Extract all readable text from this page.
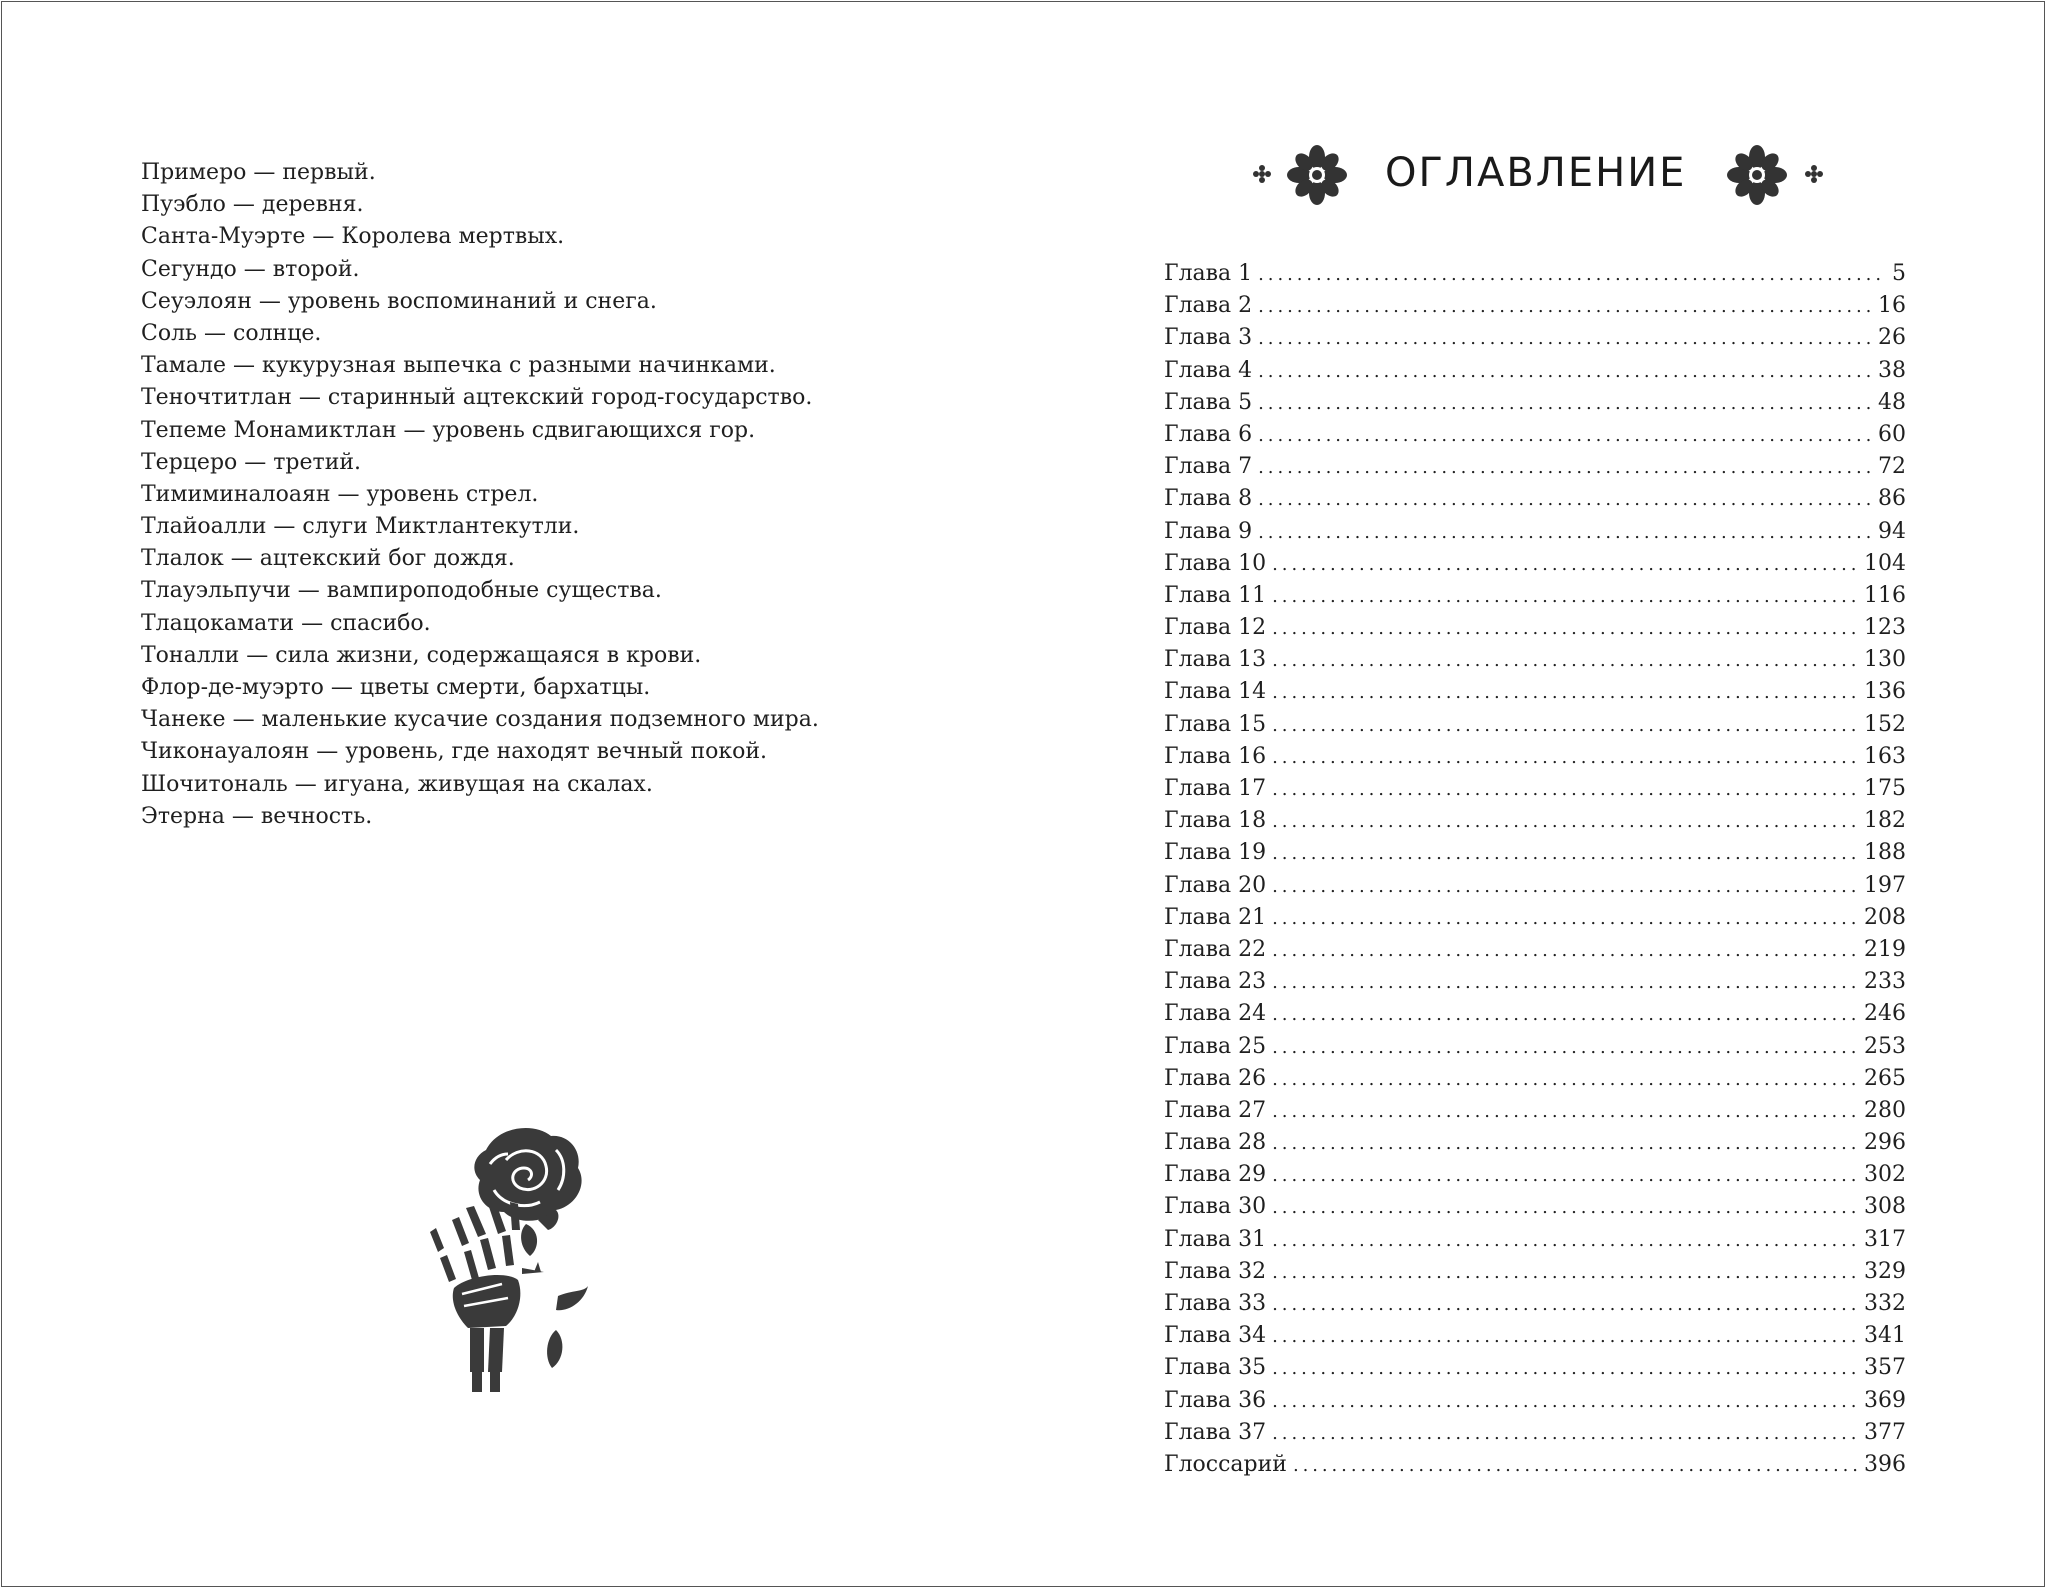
Примеро — первый.
Пуэбло — деревня.
Санта-Муэрте — Королева мертвых.
Сегундо — второй.
Сеуэлоян — уровень воспоминаний и снега.
Соль — солнце.
Тамале — кукурузная выпечка с разными начинками.
Теночтитлан — старинный ацтекский город-государство.
Тепеме Монамиктлан — уровень сдвигающихся гор.
Терцеро — третий.
Тимиминалоаян — уровень стрел.
Тлайоалли — слуги Миктлантекутли.
Тлалок — ацтекский бог дождя.
Тлауэльпучи — вампироподобные существа.
Тлацокамати — спасибо.
Тоналли — сила жизни, содержащаяся в крови.
Флор-де-муэрто — цветы смерти, бархатцы.
Чанеке — маленькие кусачие создания подземного мира.
Чиконауалоян — уровень, где находят вечный покой.
Шочитональ — игуана, живущая на скалах.
Этерна — вечность.
ОГЛАВЛЕНИЕ
Глава 1 . . .	5
Глава 2 . . .	16
Глава 3 . . .	26
Глава 4 . . .	38
Глава 5 . . .	48
Глава 6 . . .	60
Глава 7 . . .	72
Глава 8 . . .	86
Глава 9 . . .	94
Глава 10 . . .	104
Глава 11 . . .	116
Глава 12 . . .	123
Глава 13 . . .	130
Глава 14 . . .	136
Глава 15 . . .	152
Глава 16 . . .	163
Глава 17 . . .	175
Глава 18 . . .	182
Глава 19 . . .	188
Глава 20 . . .	197
Глава 21 . . .	208
Глава 22 . . .	219
Глава 23 . . .	233
Глава 24 . . .	246
Глава 25 . . .	253
Глава 26 . . .	265
Глава 27 . . .	280
Глава 28 . . .	296
Глава 29 . . .	302
Глава 30 . . .	308
Глава 31 . . .	317
Глава 32 . . .	329
Глава 33 . . .	332
Глава 34 . . .	341
Глава 35 . . .	357
Глава 36 . . .	369
Глава 37 . . .	377
Глоссарий . . .	396
